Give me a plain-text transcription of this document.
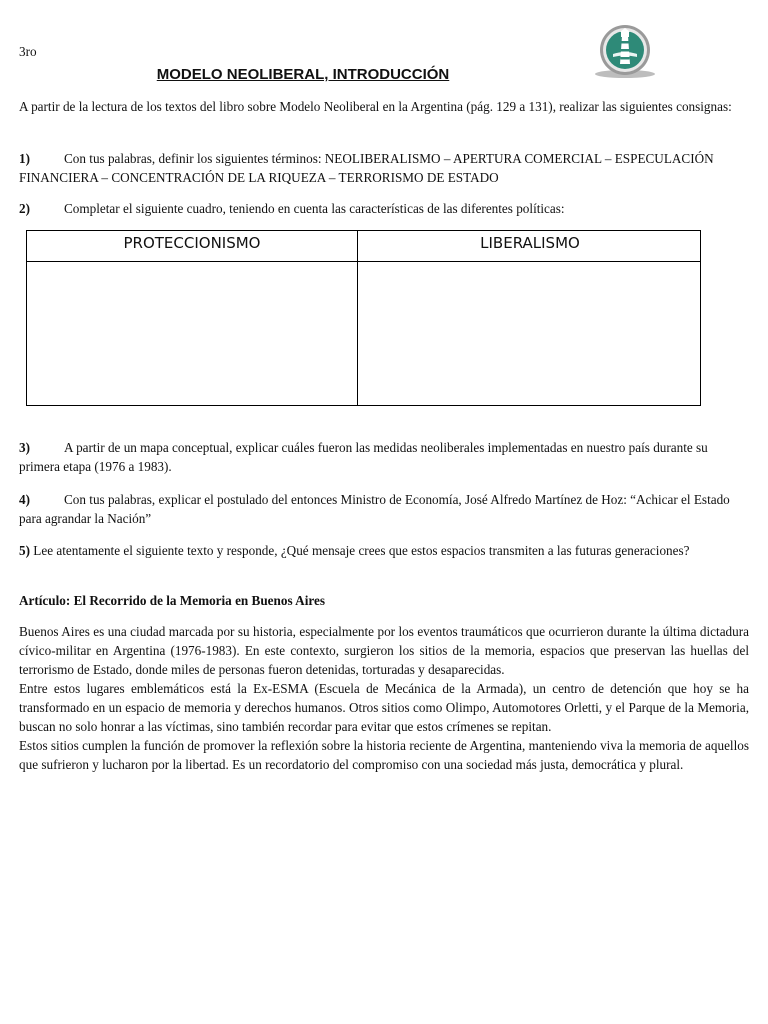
3ro
MODELO NEOLIBERAL, INTRODUCCIÓN

A partir de la lectura de los textos del libro sobre Modelo Neoliberal en la Argentina (pág. 129 a 131), realizar las siguientes consignas:

1)	Con tus palabras, definir los siguientes términos: NEOLIBERALISMO – APERTURA COMERCIAL – ESPECULACIÓN FINANCIERA – CONCENTRACIÓN DE LA RIQUEZA – TERRORISMO DE ESTADO

2)	Completar el siguiente cuadro, teniendo en cuenta las características de las diferentes políticas:

PROTECCIONISMO	LIBERALISMO

3)	A partir de un mapa conceptual, explicar cuáles fueron las medidas neoliberales implementadas en nuestro país durante su primera etapa (1976 a 1983).

4)	Con tus palabras, explicar el postulado del entonces Ministro de Economía, José Alfredo Martínez de Hoz: “Achicar el Estado para agrandar la Nación”

5) Lee atentamente el siguiente texto y responde, ¿Qué mensaje crees que estos espacios transmiten a las futuras generaciones?

Artículo: El Recorrido de la Memoria en Buenos Aires

Buenos Aires es una ciudad marcada por su historia, especialmente por los eventos traumáticos que ocurrieron durante la última dictadura cívico-militar en Argentina (1976-1983). En este contexto, surgieron los sitios de la memoria, espacios que preservan las huellas del terrorismo de Estado, donde miles de personas fueron detenidas, torturadas y desaparecidas.

Entre estos lugares emblemáticos está la Ex-ESMA (Escuela de Mecánica de la Armada), un centro de detención que hoy se ha transformado en un espacio de memoria y derechos humanos. Otros sitios como Olimpo, Automotores Orletti, y el Parque de la Memoria, buscan no solo honrar a las víctimas, sino también recordar para evitar que estos crímenes se repitan.

Estos sitios cumplen la función de promover la reflexión sobre la historia reciente de Argentina, manteniendo viva la memoria de aquellos que sufrieron y lucharon por la libertad. Es un recordatorio del compromiso con una sociedad más justa, democrática y plural.
